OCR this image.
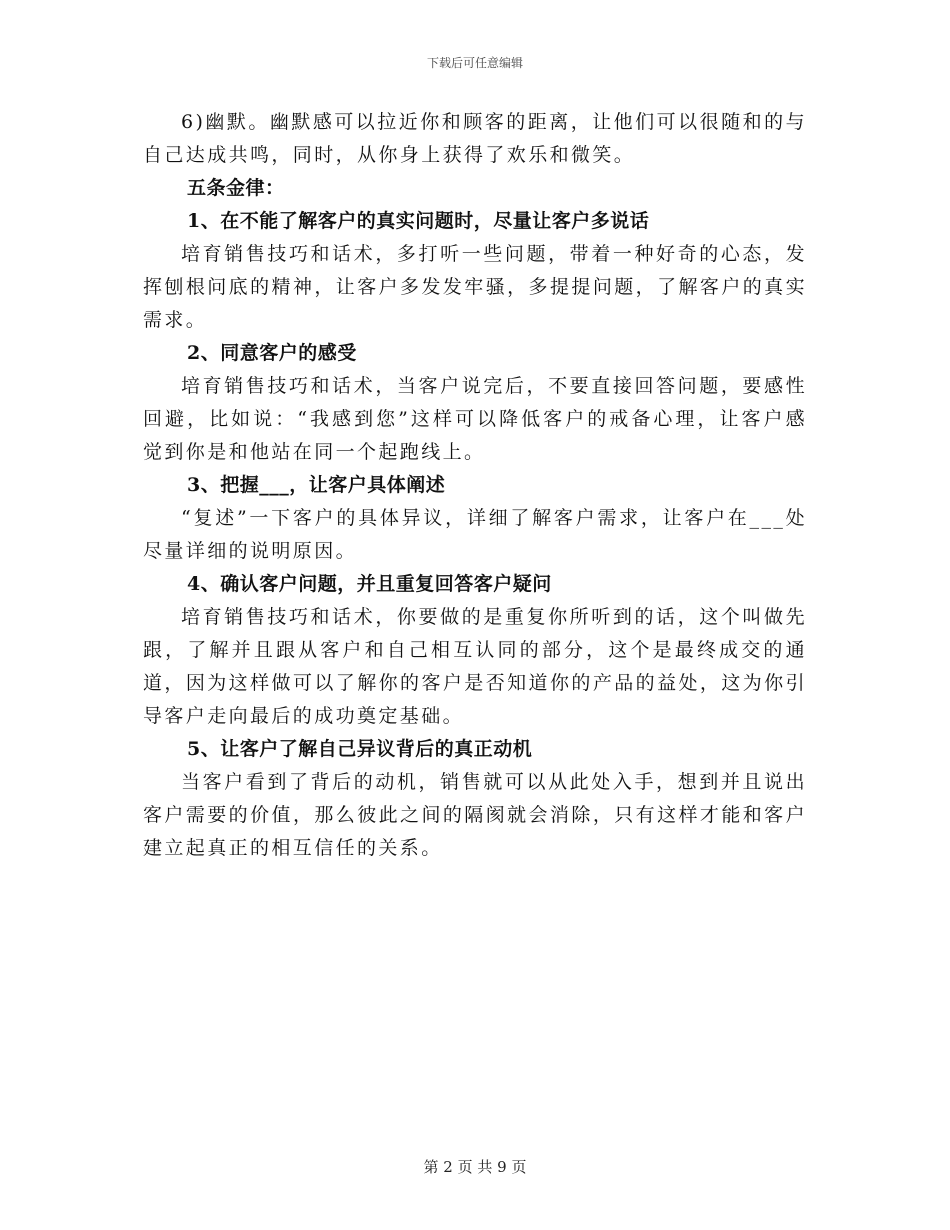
下载后可任意编辑

6)幽默。幽默感可以拉近你和顾客的距离，让他们可以很随和的与自己达成共鸣，同时，从你身上获得了欢乐和微笑。

五条金律：

1、在不能了解客户的真实问题时，尽量让客户多说话

培育销售技巧和话术，多打听一些问题，带着一种好奇的心态，发挥刨根问底的精神，让客户多发发牢骚，多提提问题，了解客户的真实需求。

2、同意客户的感受

培育销售技巧和话术，当客户说完后，不要直接回答问题，要感性回避，比如说：“我感到您”这样可以降低客户的戒备心理，让客户感觉到你是和他站在同一个起跑线上。

3、把握___，让客户具体阐述

“复述”一下客户的具体异议，详细了解客户需求，让客户在___处尽量详细的说明原因。

4、确认客户问题，并且重复回答客户疑问

培育销售技巧和话术，你要做的是重复你所听到的话，这个叫做先跟，了解并且跟从客户和自己相互认同的部分，这个是最终成交的通道，因为这样做可以了解你的客户是否知道你的产品的益处，这为你引导客户走向最后的成功奠定基础。

5、让客户了解自己异议背后的真正动机

当客户看到了背后的动机，销售就可以从此处入手，想到并且说出客户需要的价值，那么彼此之间的隔阂就会消除，只有这样才能和客户建立起真正的相互信任的关系。

第 2 页 共 9 页
